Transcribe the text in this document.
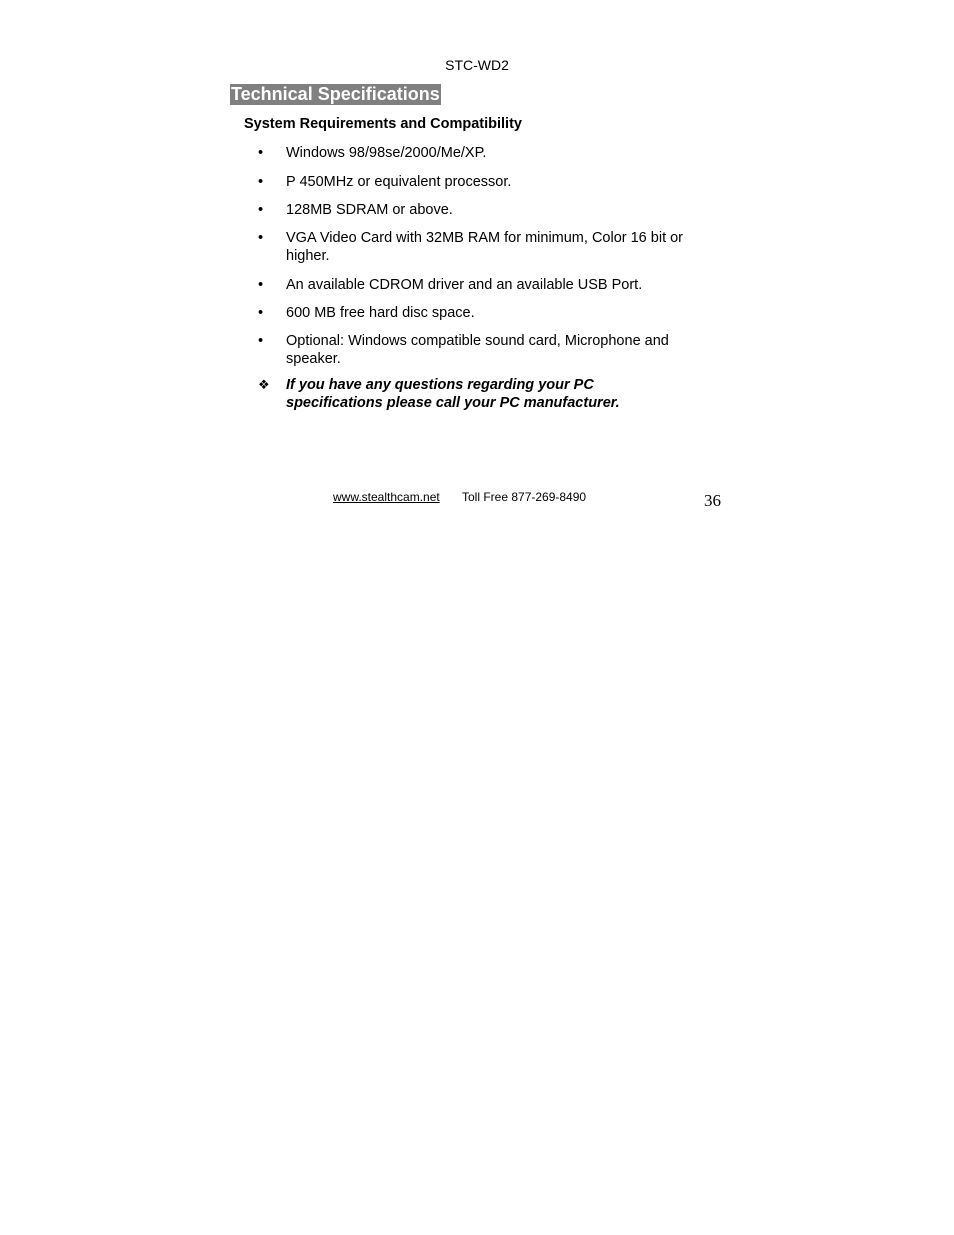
STC-WD2
Technical Specifications
System Requirements and Compatibility
•	Windows 98/98se/2000/Me/XP.
•	P 450MHz or equivalent processor.
•	128MB SDRAM or above.
•	VGA Video Card with 32MB RAM for minimum, Color 16 bit or higher.
•	An available CDROM driver and an available USB Port.
•	600 MB free hard disc space.
•	Optional: Windows compatible sound card, Microphone and speaker.
❖ If you have any questions regarding your PC specifications please call your PC manufacturer.
www.stealthcam.net Toll Free 877-269-8490	36
